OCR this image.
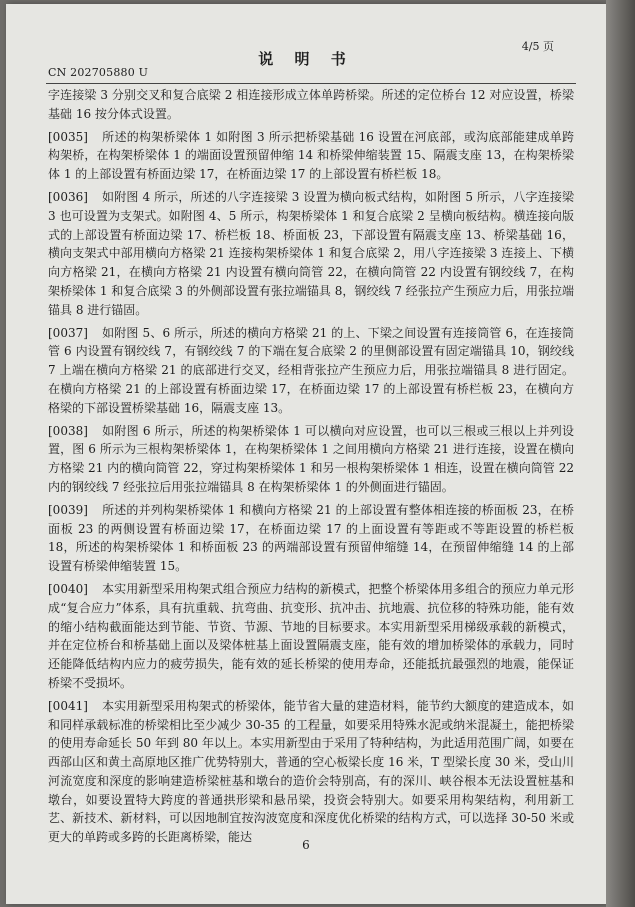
4/5 页
说 明 书
CN 202705880 U

字连接梁 3 分别交叉和复合底梁 2 相连接形成立体单跨桥梁。所述的定位桥台 12 对应设置，桥梁基础 16 按分体式设置。

[0035] 所述的构架桥梁体 1 如附图 3 所示把桥梁基础 16 设置在河底部，或沟底部能建成单跨构架桥，在构架桥梁体 1 的端面设置预留伸缩 14 和桥梁伸缩装置 15、隔震支座 13，在构架桥梁体 1 的上部设置有桥面边梁 17，在桥面边梁 17 的上部设置有桥栏板 18。

[0036] 如附图 4 所示，所述的八字连接梁 3 设置为横向板式结构，如附图 5 所示，八字连接梁 3 也可设置为支架式。如附图 4、5 所示，构架桥梁体 1 和复合底梁 2 呈横向板结构。横连接向版式的上部设置有桥面边梁 17、桥栏板 18、桥面板 23，下部设置有隔震支座 13、桥梁基础 16，横向支架式中部用横向方格梁 21 连接构架桥梁体 1 和复合底梁 2，用八字连接梁 3 连接上、下横向方格梁 21，在横向方格梁 21 内设置有横向筒管 22，在横向筒管 22 内设置有钢绞线 7，在构架桥梁体 1 和复合底梁 3 的外侧部设置有张拉端锚具 8，钢绞线 7 经张拉产生预应力后，用张拉端锚具 8 进行锚固。

[0037] 如附图 5、6 所示，所述的横向方格梁 21 的上、下梁之间设置有连接筒管 6，在连接筒管 6 内设置有钢绞线 7，有钢绞线 7 的下端在复合底梁 2 的里侧部设置有固定端锚具 10，钢绞线 7 上端在横向方格梁 21 的底部进行交叉，经相背张拉产生预应力后，用张拉端锚具 8 进行固定。在横向方格梁 21 的上部设置有桥面边梁 17，在桥面边梁 17 的上部设置有桥栏板 23，在横向方格梁的下部设置桥梁基础 16，隔震支座 13。

[0038] 如附图 6 所示，所述的构架桥梁体 1 可以横向对应设置，也可以三根或三根以上并列设置，图 6 所示为三根构架桥梁体 1，在构架桥梁体 1 之间用横向方格梁 21 进行连接，设置在横向方格梁 21 内的横向筒管 22，穿过构架桥梁体 1 和另一根构架桥梁体 1 相连，设置在横向筒管 22 内的钢绞线 7 经张拉后用张拉端锚具 8 在构架桥梁体 1 的外侧面进行锚固。

[0039] 所述的并列构架桥梁体 1 和横向方格梁 21 的上部设置有整体相连接的桥面板 23，在桥面板 23 的两侧设置有桥面边梁 17，在桥面边梁 17 的上面设置有等距或不等距设置的桥栏板 18，所述的构架桥梁体 1 和桥面板 23 的两端部设置有预留伸缩缝 14，在预留伸缩缝 14 的上部设置有桥梁伸缩装置 15。

[0040] 本实用新型采用构架式组合预应力结构的新模式，把整个桥梁体用多组合的预应力单元形成“复合应力”体系，具有抗重载、抗弯曲、抗变形、抗冲击、抗地震、抗位移的特殊功能，能有效的缩小结构截面能达到节能、节资、节源、节地的目标要求。本实用新型采用梯级承载的新模式，并在定位桥台和桥基础上面以及梁体桩基上面设置隔震支座，能有效的增加桥梁体的承载力，同时还能降低结构内应力的疲劳损失，能有效的延长桥梁的使用寿命，还能抵抗最强烈的地震，能保证桥梁不受损坏。

[0041] 本实用新型采用构架式的桥梁体，能节省大量的建造材料，能节约大额度的建造成本，如和同样承载标准的桥梁相比至少减少 30-35 的工程量，如要采用特殊水泥或纳米混凝土，能把桥梁的使用寿命延长 50 年到 80 年以上。本实用新型由于采用了特种结构，为此适用范围广阔，如要在西部山区和黄土高原地区推广优势特别大，普通的空心板梁长度 16 米，T 型梁长度 30 米，受山川河流宽度和深度的影响建造桥梁桩基和墩台的造价会特别高，有的深川、峡谷根本无法设置桩基和墩台，如要设置特大跨度的普通拱形梁和悬吊梁，投资会特别大。如要采用构架结构，利用新工艺、新技术、新材料，可以因地制宜按沟波宽度和深度优化桥梁的结构方式，可以选择 30-50 米或更大的单跨或多跨的长距离桥梁，能达

6
